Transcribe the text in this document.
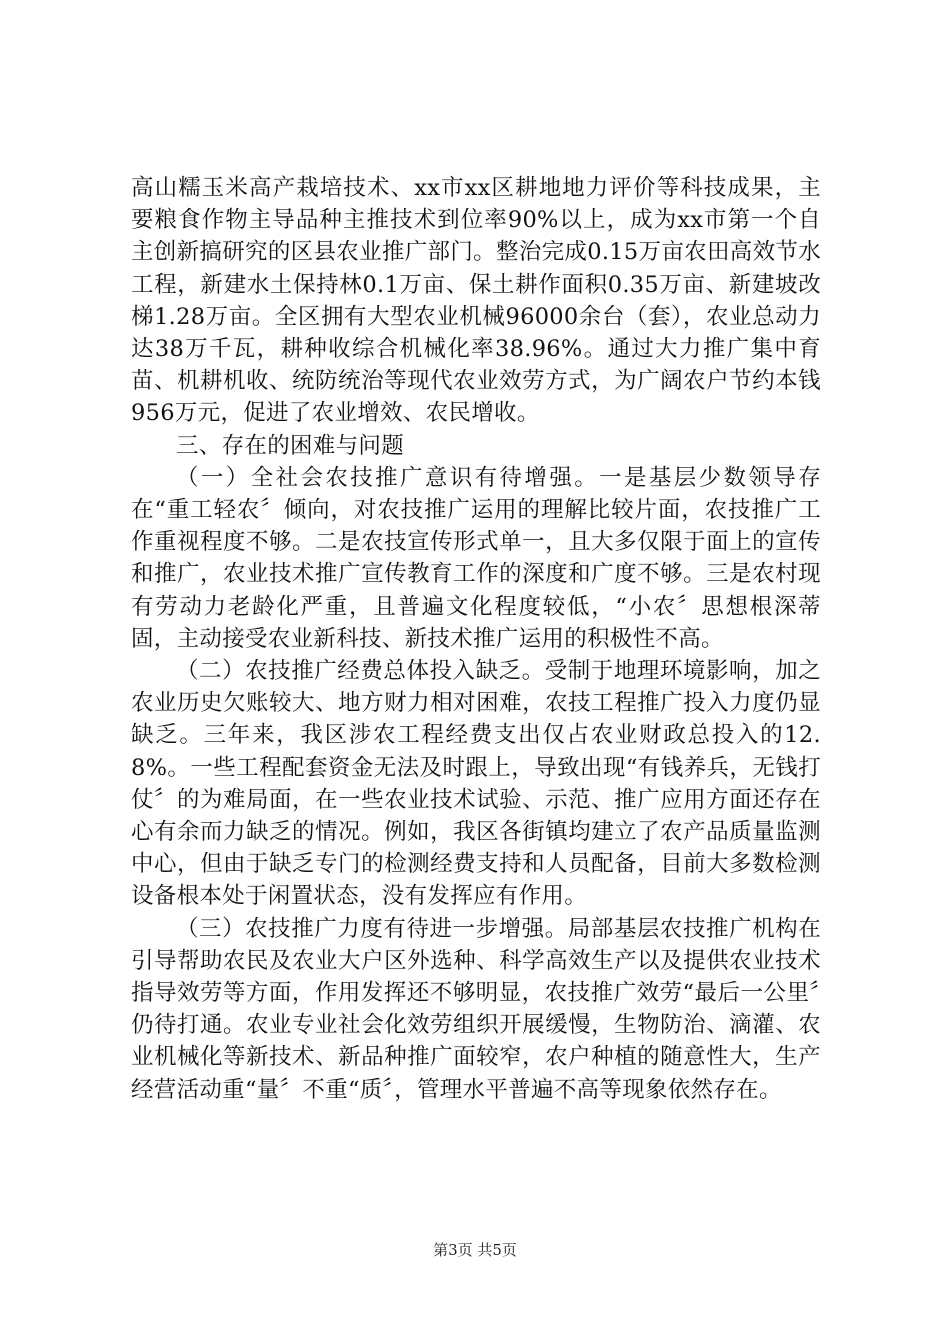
高山糯玉米高产栽培技术、xx市xx区耕地地力评价等科技成果，主要粮食作物主导品种主推技术到位率90%以上，成为xx市第一个自主创新搞研究的区县农业推广部门。整治完成0.15万亩农田高效节水工程，新建水土保持林0.1万亩、保土耕作面积0.35万亩、新建坡改梯1.28万亩。全区拥有大型农业机械96000余台（套），农业总动力达38万千瓦，耕种收综合机械化率38.96%。通过大力推广集中育苗、机耕机收、统防统治等现代农业效劳方式，为广阔农户节约本钱956万元，促进了农业增效、农民增收。

三、存在的困难与问题

（一）全社会农技推广意识有待增强。一是基层少数领导存在“重工轻农〞倾向，对农技推广运用的理解比较片面，农技推广工作重视程度不够。二是农技宣传形式单一，且大多仅限于面上的宣传和推广，农业技术推广宣传教育工作的深度和广度不够。三是农村现有劳动力老龄化严重，且普遍文化程度较低，“小农〞思想根深蒂固，主动接受农业新科技、新技术推广运用的积极性不高。

（二）农技推广经费总体投入缺乏。受制于地理环境影响，加之农业历史欠账较大、地方财力相对困难，农技工程推广投入力度仍显缺乏。三年来，我区涉农工程经费支出仅占农业财政总投入的12.8%。一些工程配套资金无法及时跟上，导致出现“有钱养兵，无钱打仗〞的为难局面，在一些农业技术试验、示范、推广应用方面还存在心有余而力缺乏的情况。例如，我区各街镇均建立了农产品质量监测中心，但由于缺乏专门的检测经费支持和人员配备，目前大多数检测设备根本处于闲置状态，没有发挥应有作用。

（三）农技推广力度有待进一步增强。局部基层农技推广机构在引导帮助农民及农业大户区外选种、科学高效生产以及提供农业技术指导效劳等方面，作用发挥还不够明显，农技推广效劳“最后一公里〞仍待打通。农业专业社会化效劳组织开展缓慢，生物防治、滴灌、农业机械化等新技术、新品种推广面较窄，农户种植的随意性大，生产经营活动重“量〞不重“质〞，管理水平普遍不高等现象依然存在。

第3页 共5页
